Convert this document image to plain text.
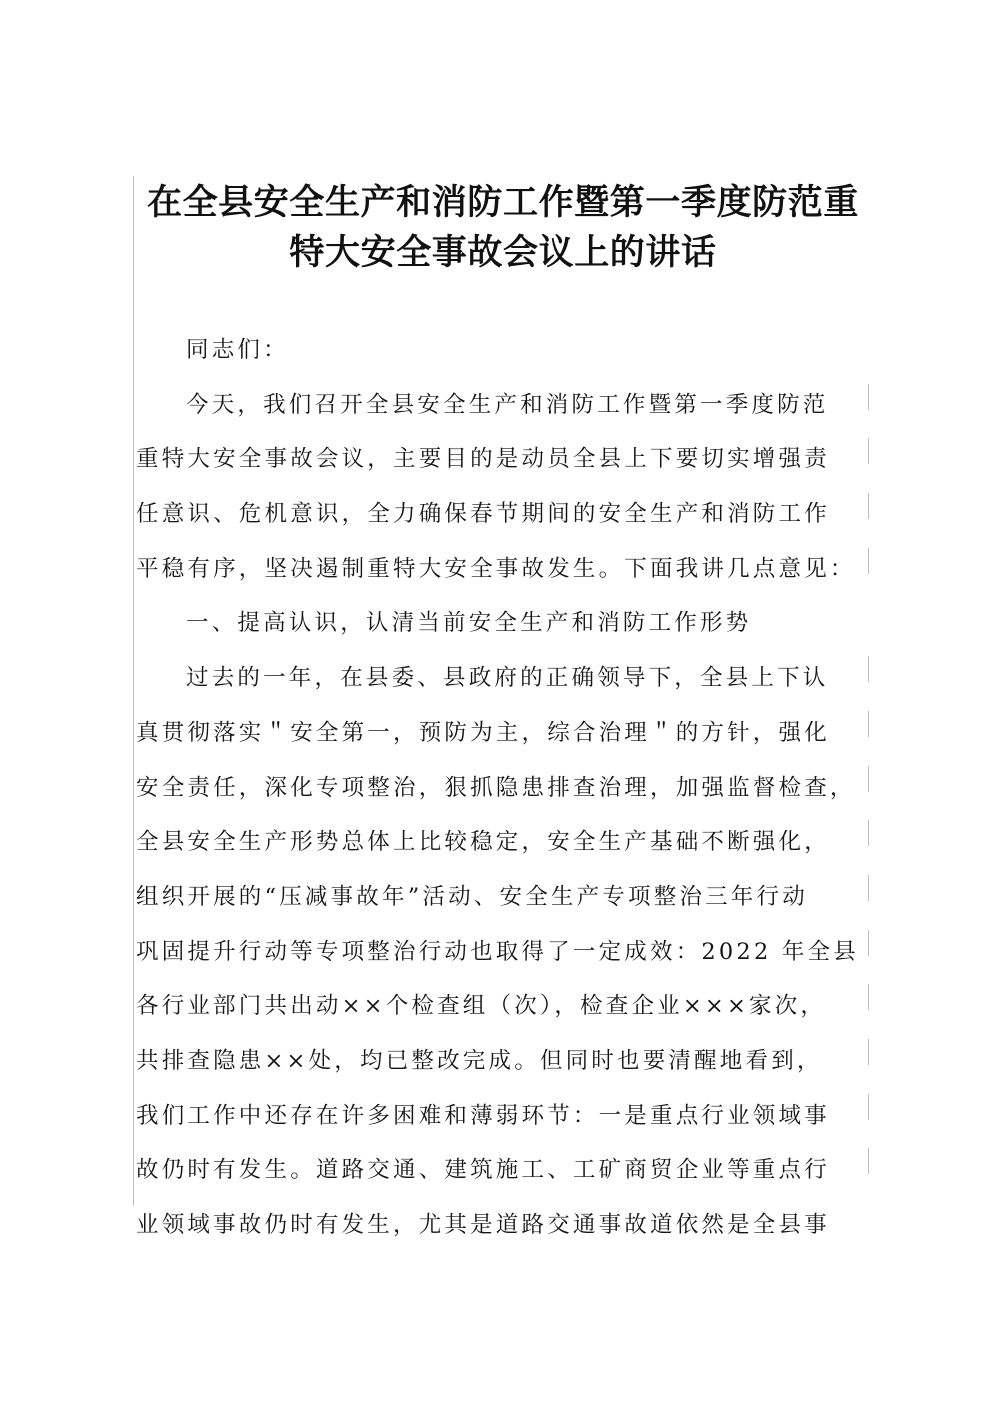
在全县安全生产和消防工作暨第一季度防范重
特大安全事故会议上的讲话

同志们：

今天，我们召开全县安全生产和消防工作暨第一季度防范
重特大安全事故会议，主要目的是动员全县上下要切实增强责
任意识、危机意识，全力确保春节期间的安全生产和消防工作
平稳有序，坚决遏制重特大安全事故发生。下面我讲几点意见：

一、提高认识，认清当前安全生产和消防工作形势

过去的一年，在县委、县政府的正确领导下，全县上下认
真贯彻落实＂安全第一，预防为主，综合治理＂的方针，强化
安全责任，深化专项整治，狠抓隐患排查治理，加强监督检查，
全县安全生产形势总体上比较稳定，安全生产基础不断强化，
组织开展的“压减事故年”活动、安全生产专项整治三年行动
巩固提升行动等专项整治行动也取得了一定成效：2022 年全县
各行业部门共出动××个检查组（次），检查企业×××家次，
共排查隐患××处，均已整改完成。但同时也要清醒地看到，
我们工作中还存在许多困难和薄弱环节：一是重点行业领域事
故仍时有发生。道路交通、建筑施工、工矿商贸企业等重点行
业领域事故仍时有发生，尤其是道路交通事故道依然是全县事
